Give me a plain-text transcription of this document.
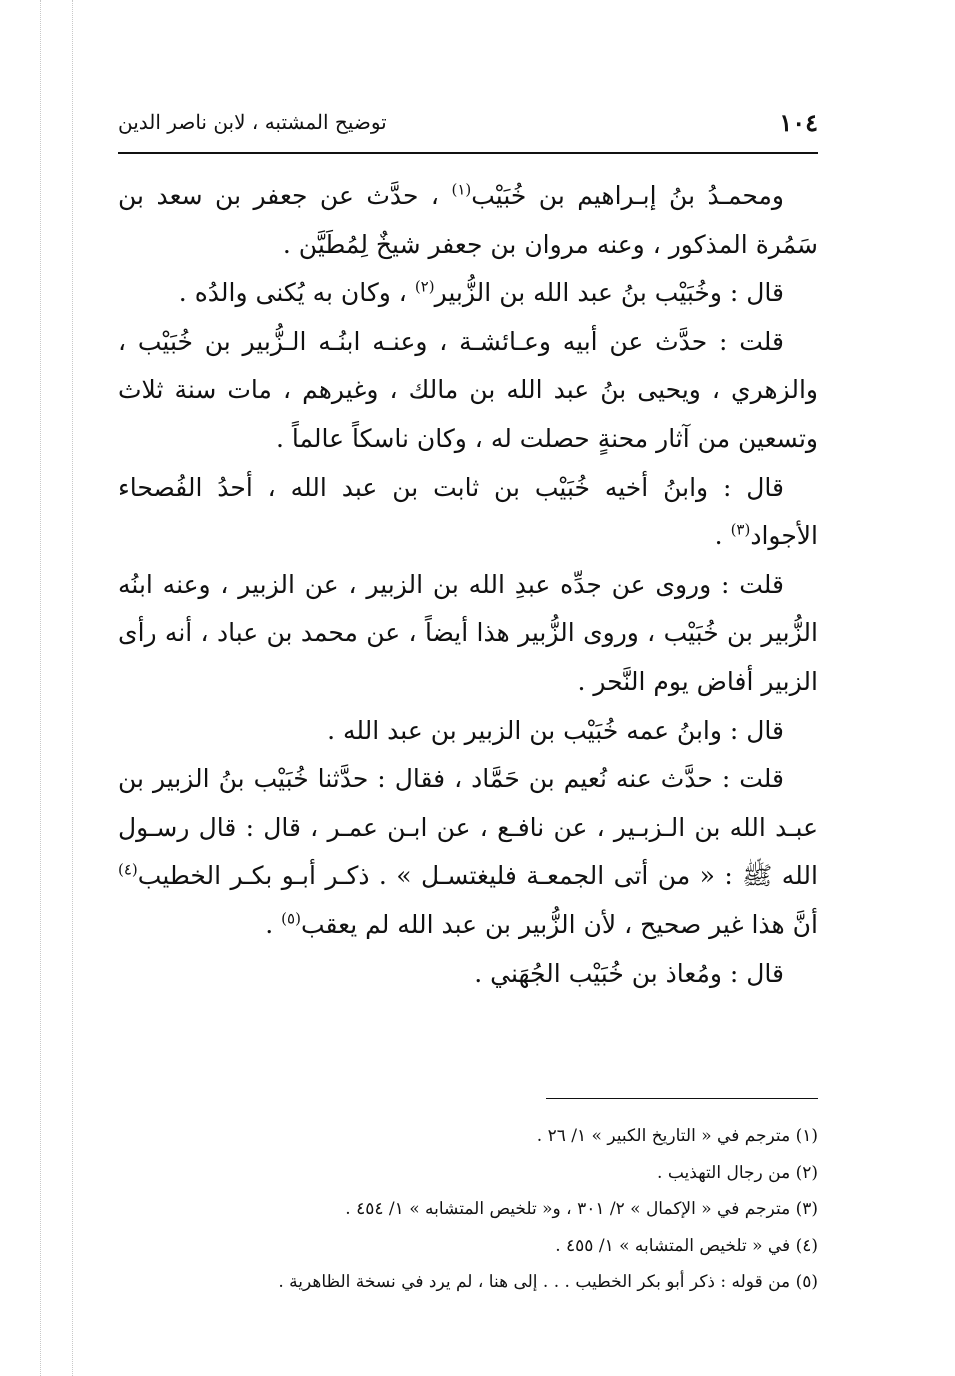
١٠٤
توضيح المشتبه ، لابن ناصر الدين

ومحمـدُ بنُ إبـراهيم بن خُبَيْب$^{(١)}$ ، حدَّث عن جعفر بن سعد بن سَمُرة المذكور ، وعنه مروان بن جعفر شيخٌ لِمُطَيَّن .

قال : وخُبَيْب بنُ عبد الله بن الزُّبير$^{(٢)}$ ، وكان به يُكنى والدُه .

قلت : حدَّث عن أبيه وعـائشـة ، وعنـه ابنُـه الـزُّبير بن خُبَيْب ، والزهري ، ويحيى بنُ عبد الله بن مالك ، وغيرهم ، مات سنة ثلاث وتسعين من آثار محنةٍ حصلت له ، وكان ناسكاً عالماً .

قال : وابنُ أخيه خُبَيْب بن ثابت بن عبد الله ، أحدُ الفُصحاء الأجواد$^{(٣)}$ .

قلت : وروى عن جدِّه عبدِ الله بن الزبير ، عن الزبير ، وعنه ابنُه الزُّبير بن خُبَيْب ، وروى الزُّبير هذا أيضاً ، عن محمد بن عباد ، أنه رأى الزبير أفاض يوم النَّحر .

قال : وابنُ عمه خُبَيْب بن الزبير بن عبد الله .

قلت : حدَّث عنه نُعيم بن حَمَّاد ، فقال : حدَّثنا خُبَيْب بنُ الزبير بن عبـد الله بن الـزبـير ، عن نافـع ، عن ابـن عمـر ، قال : قال رسـول الله ﷺ : « من أتى الجمعـة فليغتسـل » . ذكـر أبـو بكـر الخطيب$^{(٤)}$ أنَّ هذا غير صحيح ، لأن الزُّبير بن عبد الله لم يعقب$^{(٥)}$ .

قال : ومُعاذ بن خُبَيْب الجُهَني .

(١) مترجم في « التاريخ الكبير » ١/ ٢٦ .

(٢) من رجال التهذيب .

(٣) مترجم في « الإكمال » ٢/ ٣٠١ ، و« تلخيص المتشابه » ١/ ٤٥٤ .

(٤) في « تلخيص المتشابه » ١/ ٤٥٥ .

(٥) من قوله : ذكر أبو بكر الخطيب . . . إلى هنا ، لم يرد في نسخة الظاهرية .
